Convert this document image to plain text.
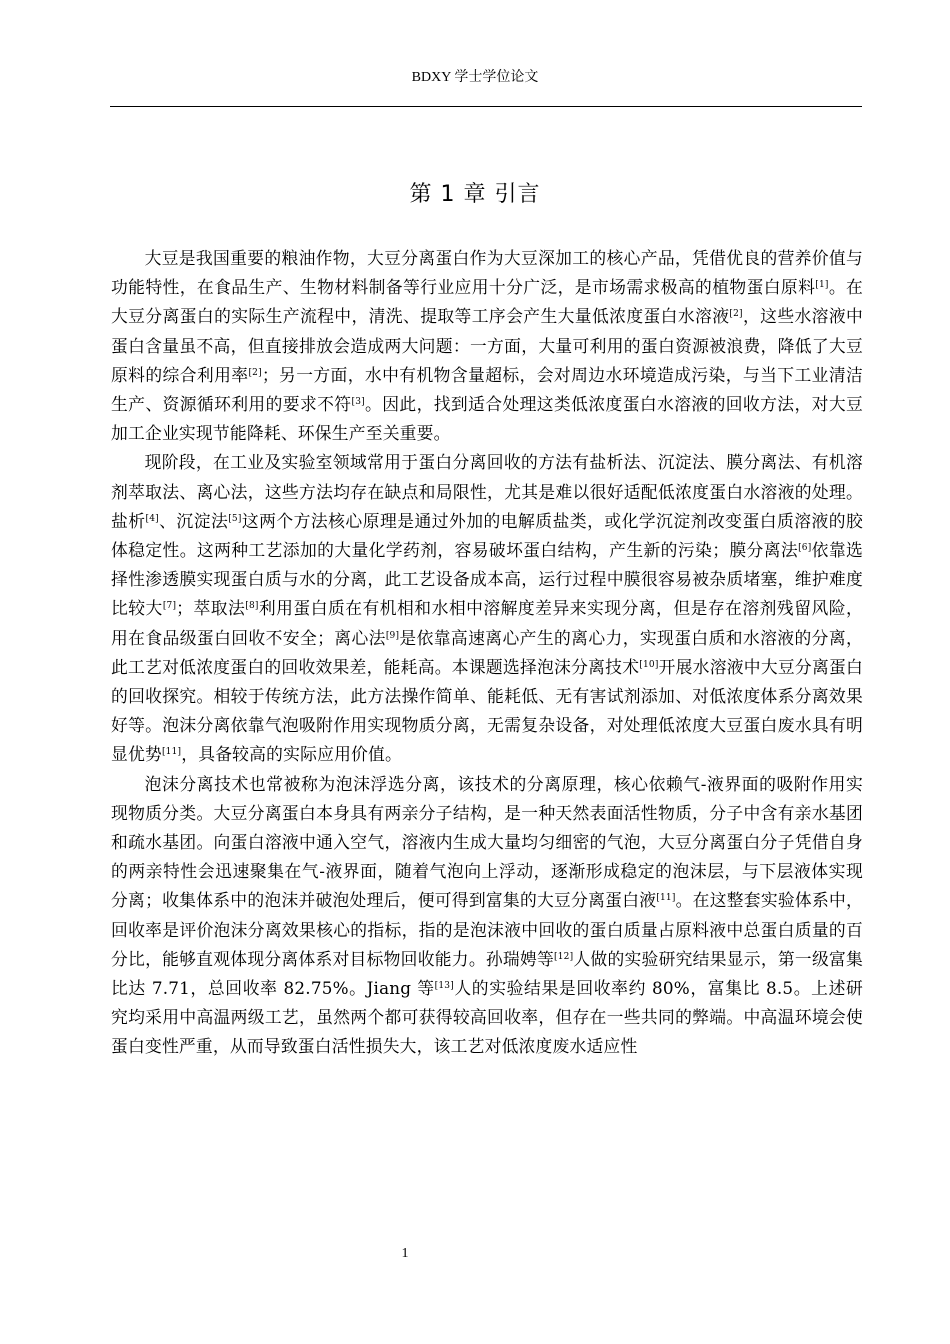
BDXY 学士学位论文
第 1 章 引言

大豆是我国重要的粮油作物，大豆分离蛋白作为大豆深加工的核心产品，凭借优良的营养价值与功能特性，在食品生产、生物材料制备等行业应用十分广泛，是市场需求极高的植物蛋白原料[1]。在大豆分离蛋白的实际生产流程中，清洗、提取等工序会产生大量低浓度蛋白水溶液[2]，这些水溶液中蛋白含量虽不高，但直接排放会造成两大问题：一方面，大量可利用的蛋白资源被浪费，降低了大豆原料的综合利用率[2]；另一方面，水中有机物含量超标，会对周边水环境造成污染，与当下工业清洁生产、资源循环利用的要求不符[3]。因此，找到适合处理这类低浓度蛋白水溶液的回收方法，对大豆加工企业实现节能降耗、环保生产至关重要。

现阶段，在工业及实验室领域常用于蛋白分离回收的方法有盐析法、沉淀法、膜分离法、有机溶剂萃取法、离心法，这些方法均存在缺点和局限性，尤其是难以很好适配低浓度蛋白水溶液的处理。盐析[4]、沉淀法[5]这两个方法核心原理是通过外加的电解质盐类，或化学沉淀剂改变蛋白质溶液的胶体稳定性。这两种工艺添加的大量化学药剂，容易破坏蛋白结构，产生新的污染；膜分离法[6]依靠选择性渗透膜实现蛋白质与水的分离，此工艺设备成本高，运行过程中膜很容易被杂质堵塞，维护难度比较大[7]；萃取法[8]利用蛋白质在有机相和水相中溶解度差异来实现分离，但是存在溶剂残留风险，用在食品级蛋白回收不安全；离心法[9]是依靠高速离心产生的离心力，实现蛋白质和水溶液的分离，此工艺对低浓度蛋白的回收效果差，能耗高。本课题选择泡沫分离技术[10]开展水溶液中大豆分离蛋白的回收探究。相较于传统方法，此方法操作简单、能耗低、无有害试剂添加、对低浓度体系分离效果好等。泡沫分离依靠气泡吸附作用实现物质分离，无需复杂设备，对处理低浓度大豆蛋白废水具有明显优势[11]，具备较高的实际应用价值。

泡沫分离技术也常被称为泡沫浮选分离，该技术的分离原理，核心依赖气-液界面的吸附作用实现物质分类。大豆分离蛋白本身具有两亲分子结构，是一种天然表面活性物质，分子中含有亲水基团和疏水基团。向蛋白溶液中通入空气，溶液内生成大量均匀细密的气泡，大豆分离蛋白分子凭借自身的两亲特性会迅速聚集在气-液界面，随着气泡向上浮动，逐渐形成稳定的泡沫层，与下层液体实现分离；收集体系中的泡沫并破泡处理后，便可得到富集的大豆分离蛋白液[11]。在这整套实验体系中，回收率是评价泡沫分离效果核心的指标，指的是泡沫液中回收的蛋白质量占原料液中总蛋白质量的百分比，能够直观体现分离体系对目标物回收能力。孙瑞娉等[12]人做的实验研究结果显示，第一级富集比达 7.71，总回收率 82.75%。Jiang 等[13]人的实验结果是回收率约 80%，富集比 8.5。上述研究均采用中高温两级工艺，虽然两个都可获得较高回收率，但存在一些共同的弊端。中高温环境会使蛋白变性严重，从而导致蛋白活性损失大，该工艺对低浓度废水适应性

1
